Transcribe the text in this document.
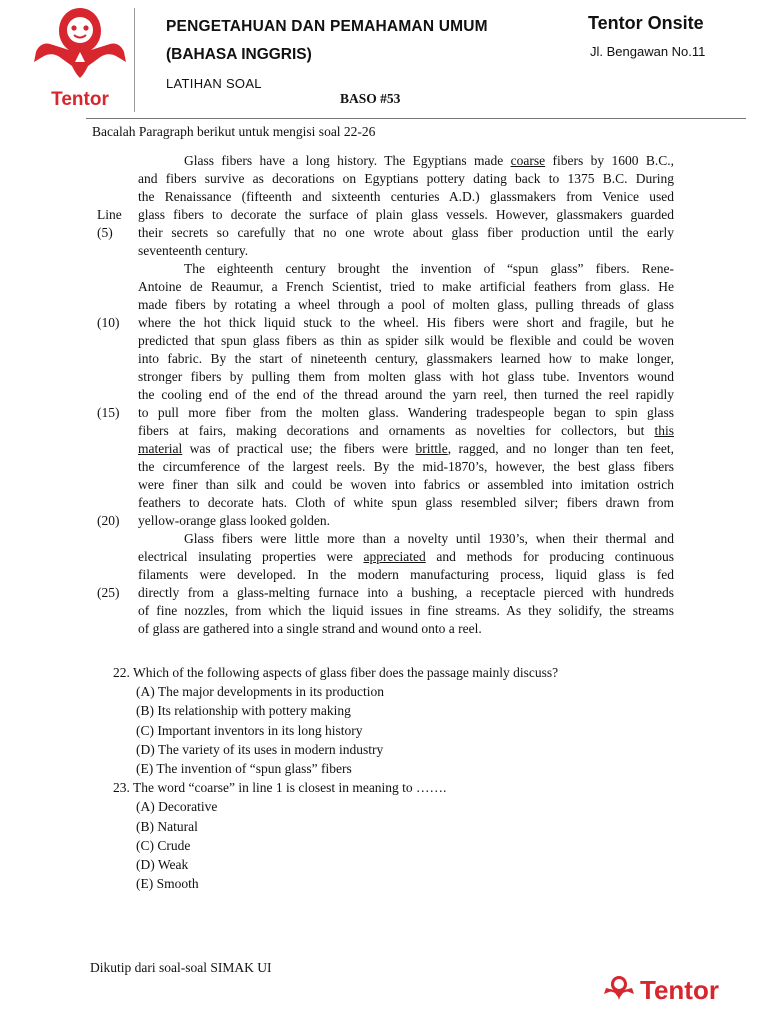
Tentor
PENGETAHUAN DAN PEMAHAMAN UMUM
(BAHASA INGGRIS)
LATIHAN SOAL
BASO #53
Tentor Onsite
Jl. Bengawan No.11
Bacalah Paragraph berikut untuk mengisi soal 22-26
Glass fibers have a long history. The Egyptians made coarse fibers by 1600 B.C.,
and fibers survive as decorations on Egyptians pottery dating back to 1375 B.C. During
the Renaissance (fifteenth and sixteenth centuries A.D.) glassmakers from Venice used
glass fibers to decorate the surface of plain glass vessels. However, glassmakers guarded
their secrets so carefully that no one wrote about glass fiber production until the early
seventeenth century.
The eighteenth century brought the invention of “spun glass” fibers. Rene-
Antoine de Reaumur, a French Scientist, tried to make artificial feathers from glass. He
made fibers by rotating a wheel through a pool of molten glass, pulling threads of glass
where the hot thick liquid stuck to the wheel. His fibers were short and fragile, but he
predicted that spun glass fibers as thin as spider silk would be flexible and could be woven
into fabric. By the start of nineteenth century, glassmakers learned how to make longer,
stronger fibers by pulling them from molten glass with hot glass tube. Inventors wound
the cooling end of the end of the thread around the yarn reel, then turned the reel rapidly
to pull more fiber from the molten glass. Wandering tradespeople began to spin glass
fibers at fairs, making decorations and ornaments as novelties for collectors, but this
material was of practical use; the fibers were brittle, ragged, and no longer than ten feet,
the circumference of the largest reels. By the mid-1870’s, however, the best glass fibers
were finer than silk and could be woven into fabrics or assembled into imitation ostrich
feathers to decorate hats. Cloth of white spun glass resembled silver; fibers drawn from
yellow-orange glass looked golden.
Glass fibers were little more than a novelty until 1930’s, when their thermal and
electrical insulating properties were appreciated and methods for producing continuous
filaments were developed. In the modern manufacturing process, liquid glass is fed
directly from a glass-melting furnace into a bushing, a receptacle pierced with hundreds
of fine nozzles, from which the liquid issues in fine streams. As they solidify, the streams
of glass are gathered into a single strand and wound onto a reel.
Line
(5)
(10)
(15)
(20)
(25)
22. Which of the following aspects of glass fiber does the passage mainly discuss?
(A) The major developments in its production
(B) Its relationship with pottery making
(C) Important inventors in its long history
(D) The variety of its uses in modern industry
(E) The invention of “spun glass” fibers
23. The word “coarse” in line 1 is closest in meaning to …….
(A) Decorative
(B) Natural
(C) Crude
(D) Weak
(E) Smooth
Dikutip dari soal-soal SIMAK UI
Tentor
